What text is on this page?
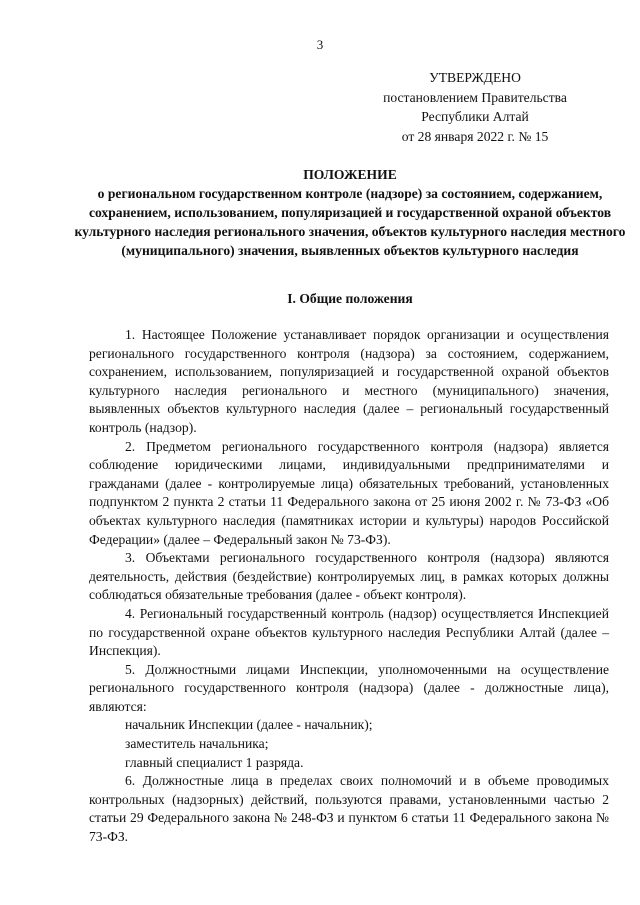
3
УТВЕРЖДЕНО
постановлением Правительства
Республики Алтай
от 28 января 2022 г. № 15
ПОЛОЖЕНИЕ
о региональном государственном контроле (надзоре) за состоянием, содержанием, сохранением, использованием, популяризацией и государственной охраной объектов культурного наследия регионального значения, объектов культурного наследия местного (муниципального) значения, выявленных объектов культурного наследия
I. Общие положения

1. Настоящее Положение устанавливает порядок организации и осуществления регионального государственного контроля (надзора) за состоянием, содержанием, сохранением, использованием, популяризацией и государственной охраной объектов культурного наследия регионального и местного (муниципального) значения, выявленных объектов культурного наследия (далее – региональный государственный контроль (надзор).

2. Предметом регионального государственного контроля (надзора) является соблюдение юридическими лицами, индивидуальными предпринимателями и гражданами (далее - контролируемые лица) обязательных требований, установленных подпунктом 2 пункта 2 статьи 11 Федерального закона от 25 июня 2002 г. № 73-ФЗ «Об объектах культурного наследия (памятниках истории и культуры) народов Российской Федерации» (далее – Федеральный закон № 73-ФЗ).

3. Объектами регионального государственного контроля (надзора) являются деятельность, действия (бездействие) контролируемых лиц, в рамках которых должны соблюдаться обязательные требования (далее - объект контроля).

4. Региональный государственный контроль (надзор) осуществляется Инспекцией по государственной охране объектов культурного наследия Республики Алтай (далее – Инспекция).

5. Должностными лицами Инспекции, уполномоченными на осуществление регионального государственного контроля (надзора) (далее - должностные лица), являются:

начальник Инспекции (далее - начальник);

заместитель начальника;

главный специалист 1 разряда.

6. Должностные лица в пределах своих полномочий и в объеме проводимых контрольных (надзорных) действий, пользуются правами, установленными частью 2 статьи 29 Федерального закона № 248-ФЗ и пунктом 6 статьи 11 Федерального закона № 73-ФЗ.
